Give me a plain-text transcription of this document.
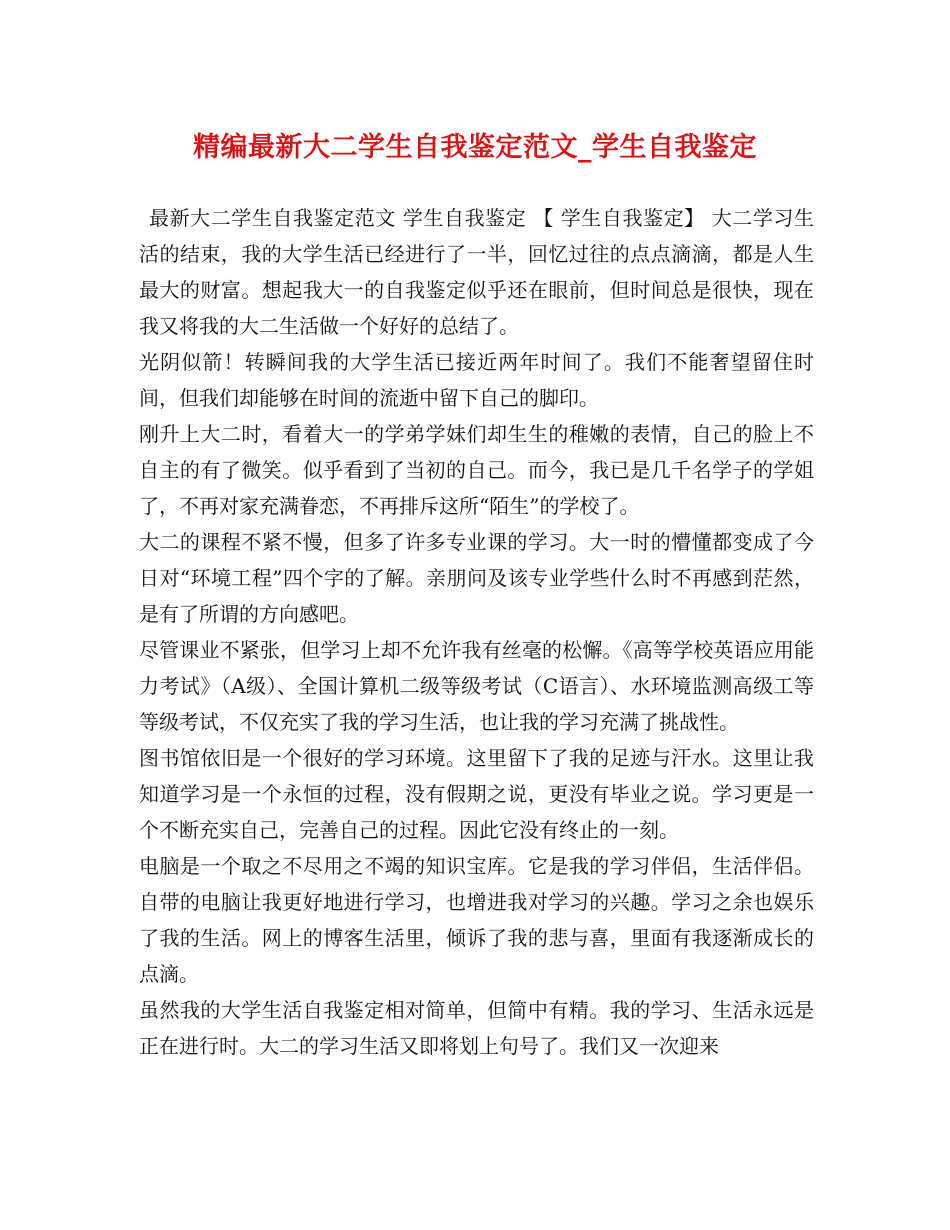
精编最新大二学生自我鉴定范文_学生自我鉴定

最新大二学生自我鉴定范文 学生自我鉴定 【 学生自我鉴定】 大二学习生活的结束，我的大学生活已经进行了一半，回忆过往的点点滴滴，都是人生最大的财富。想起我大一的自我鉴定似乎还在眼前，但时间总是很快，现在我又将我的大二生活做一个好好的总结了。

光阴似箭！转瞬间我的大学生活已接近两年时间了。我们不能奢望留住时间，但我们却能够在时间的流逝中留下自己的脚印。

刚升上大二时，看着大一的学弟学妹们却生生的稚嫩的表情，自己的脸上不自主的有了微笑。似乎看到了当初的自己。而今，我已是几千名学子的学姐了，不再对家充满眷恋，不再排斥这所“陌生”的学校了。

大二的课程不紧不慢，但多了许多专业课的学习。大一时的懵懂都变成了今日对“环境工程”四个字的了解。亲朋问及该专业学些什么时不再感到茫然，是有了所谓的方向感吧。

尽管课业不紧张，但学习上却不允许我有丝毫的松懈。《高等学校英语应用能力考试》（A级）、全国计算机二级等级考试（C语言）、水环境监测高级工等等级考试，不仅充实了我的学习生活，也让我的学习充满了挑战性。

图书馆依旧是一个很好的学习环境。这里留下了我的足迹与汗水。这里让我知道学习是一个永恒的过程，没有假期之说，更没有毕业之说。学习更是一个不断充实自己，完善自己的过程。因此它没有终止的一刻。

电脑是一个取之不尽用之不竭的知识宝库。它是我的学习伴侣，生活伴侣。自带的电脑让我更好地进行学习，也增进我对学习的兴趣。学习之余也娱乐了我的生活。网上的博客生活里，倾诉了我的悲与喜，里面有我逐渐成长的点滴。

虽然我的大学生活自我鉴定相对简单，但简中有精。我的学习、生活永远是正在进行时。大二的学习生活又即将划上句号了。我们又一次迎来
